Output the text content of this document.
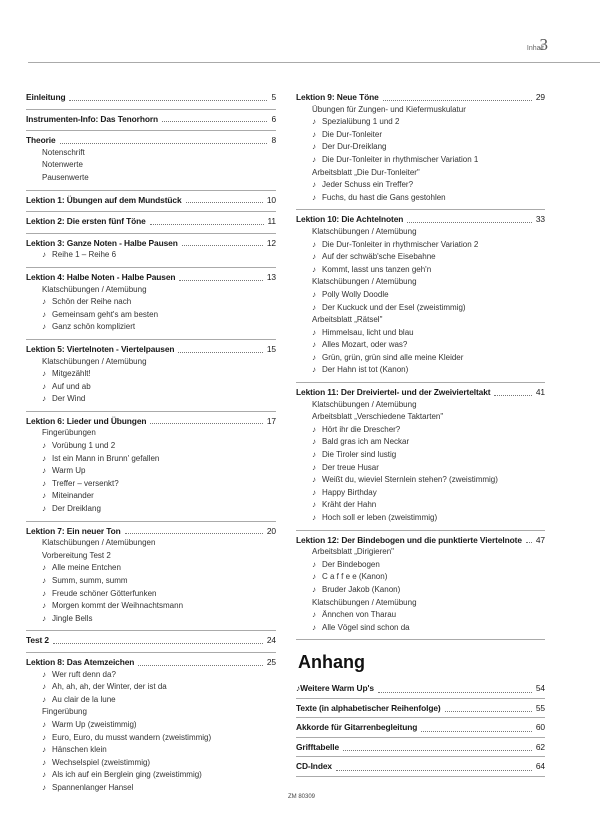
Inhalt
3
Einleitung	5
Instrumenten-Info: Das Tenorhorn	6
Theorie	8
Notenschrift
Notenwerte
Pausenwerte
Lektion 1: Übungen auf dem Mundstück	10
Lektion 2: Die ersten fünf Töne	11
Lektion 3: Ganze Noten - Halbe Pausen	12
♪ Reihe 1 – Reihe 6
Lektion 4: Halbe Noten - Halbe Pausen	13
Klatschübungen / Atemübung
♪ Schön der Reihe nach
♪ Gemeinsam geht's am besten
♪ Ganz schön kompliziert
Lektion 5: Viertelnoten - Viertelpausen	15
Klatschübungen / Atemübung
♪ Mitgezählt!
♪ Auf und ab
♪ Der Wind
Lektion 6: Lieder und Übungen	17
Fingerübungen
♪ Vorübung 1 und 2
♪ Ist ein Mann in Brunn' gefallen
♪ Warm Up
♪ Treffer – versenkt?
♪ Miteinander
♪ Der Dreiklang
Lektion 7: Ein neuer Ton	20
Klatschübungen / Atemübungen
Vorbereitung Test 2
♪ Alle meine Entchen
♪ Summ, summ, summ
♪ Freude schöner Götterfunken
♪ Morgen kommt der Weihnachtsmann
♪ Jingle Bells
Test 2	24
Lektion 8: Das Atemzeichen	25
♪ Wer ruft denn da?
♪ Ah, ah, ah, der Winter, der ist da
♪ Au clair de la lune
Fingerübung
♪ Warm Up (zweistimmig)
♪ Euro, Euro, du musst wandern (zweistimmig)
♪ Hänschen klein
♪ Wechselspiel (zweistimmig)
♪ Als ich auf ein Berglein ging (zweistimmig)
♪ Spannenlanger Hansel
Lektion 9: Neue Töne	29
Übungen für Zungen- und Kiefermuskulatur
♪ Spezialübung 1 und 2
♪ Die Dur-Tonleiter
♪ Der Dur-Dreiklang
♪ Die Dur-Tonleiter in rhythmischer Variation 1
Arbeitsblatt „Die Dur-Tonleiter"
♪ Jeder Schuss ein Treffer?
♪ Fuchs, du hast die Gans gestohlen
Lektion 10: Die Achtelnoten	33
Klatschübungen / Atemübung
♪ Die Dur-Tonleiter in rhythmischer Variation 2
♪ Auf der schwäb'sche Eisebahne
♪ Kommt, lasst uns tanzen geh'n
Klatschübungen / Atemübung
♪ Polly Wolly Doodle
♪ Der Kuckuck und der Esel (zweistimmig)
Arbeitsblatt „Rätsel"
♪ Himmelsau, licht und blau
♪ Alles Mozart, oder was?
♪ Grün, grün, grün sind alle meine Kleider
♪ Der Hahn ist tot (Kanon)
Lektion 11: Der Dreiviertel- und der Zweivierteltakt	41
Klatschübungen / Atemübung
Arbeitsblatt „Verschiedene Taktarten"
♪ Hört ihr die Drescher?
♪ Bald gras ich am Neckar
♪ Die Tiroler sind lustig
♪ Der treue Husar
♪ Weißt du, wieviel Sternlein stehen? (zweistimmig)
♪ Happy Birthday
♪ Kräht der Hahn
♪ Hoch soll er leben (zweistimmig)
Lektion 12: Der Bindebogen und die punktierte Viertelnote 47
Arbeitsblatt „Dirigieren"
♪ Der Bindebogen
♪ C a f f e e (Kanon)
♪ Bruder Jakob (Kanon)
Klatschübungen / Atemübung
♪ Ännchen von Tharau
♪ Alle Vögel sind schon da
Anhang
♪Weitere Warm Up's	54
Texte (in alphabetischer Reihenfolge)	55
Akkorde für Gitarrenbegleitung	60
Grifftabelle	62
CD-Index	64
ZM 80309
